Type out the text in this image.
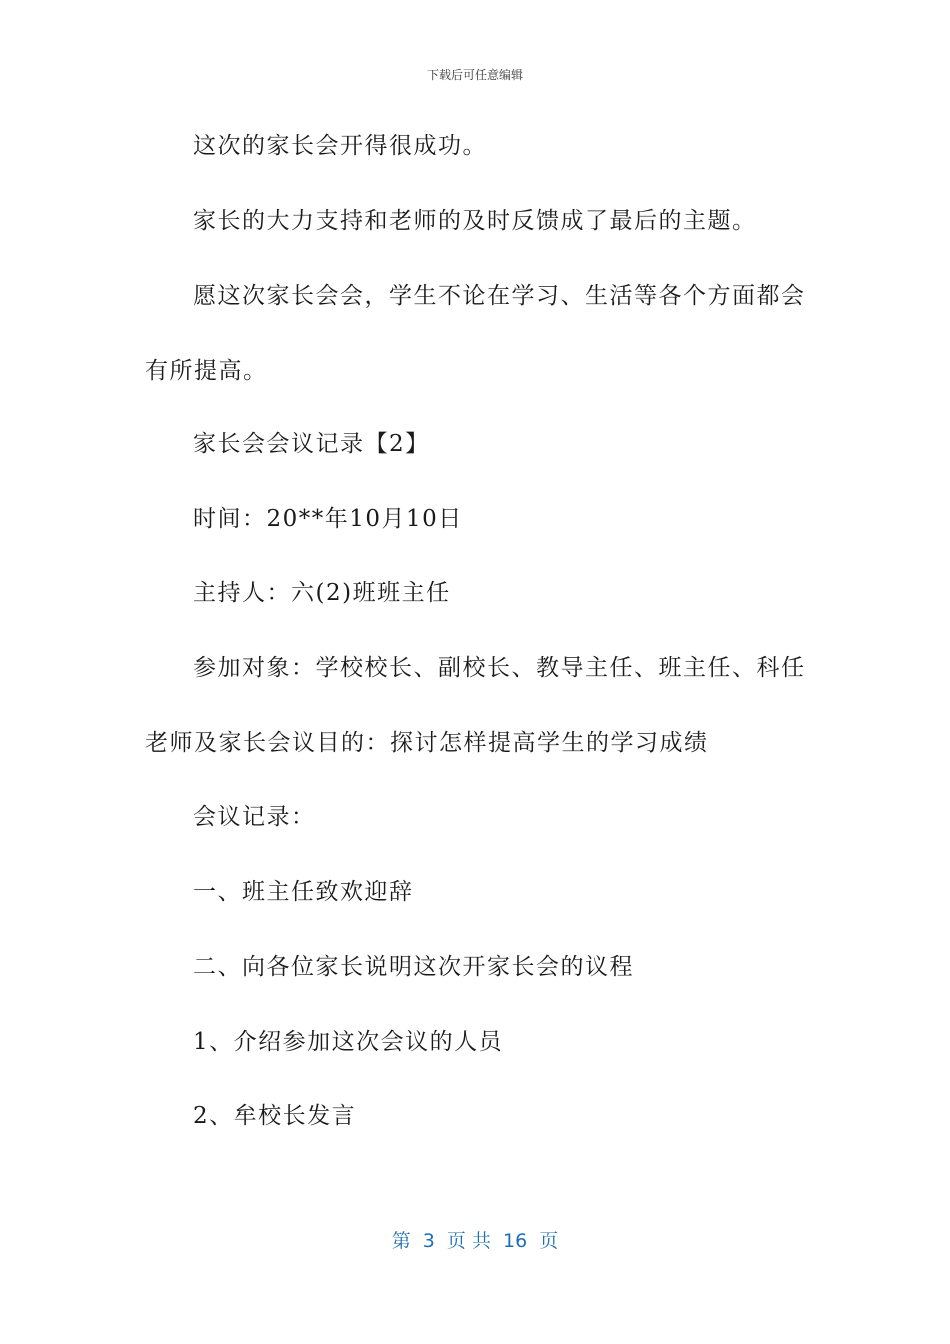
下载后可任意编辑
这次的家长会开得很成功。
家长的大力支持和老师的及时反馈成了最后的主题。
愿这次家长会会，学生不论在学习、生活等各个方面都会
有所提高。
家长会会议记录【2】
时间：20**年10月10日
主持人：六(2)班班主任
参加对象：学校校长、副校长、教导主任、班主任、科任
老师及家长会议目的：探讨怎样提高学生的学习成绩
会议记录：
一、班主任致欢迎辞
二、向各位家长说明这次开家长会的议程
1、介绍参加这次会议的人员
2、牟校长发言
第  3  页 共  16  页
